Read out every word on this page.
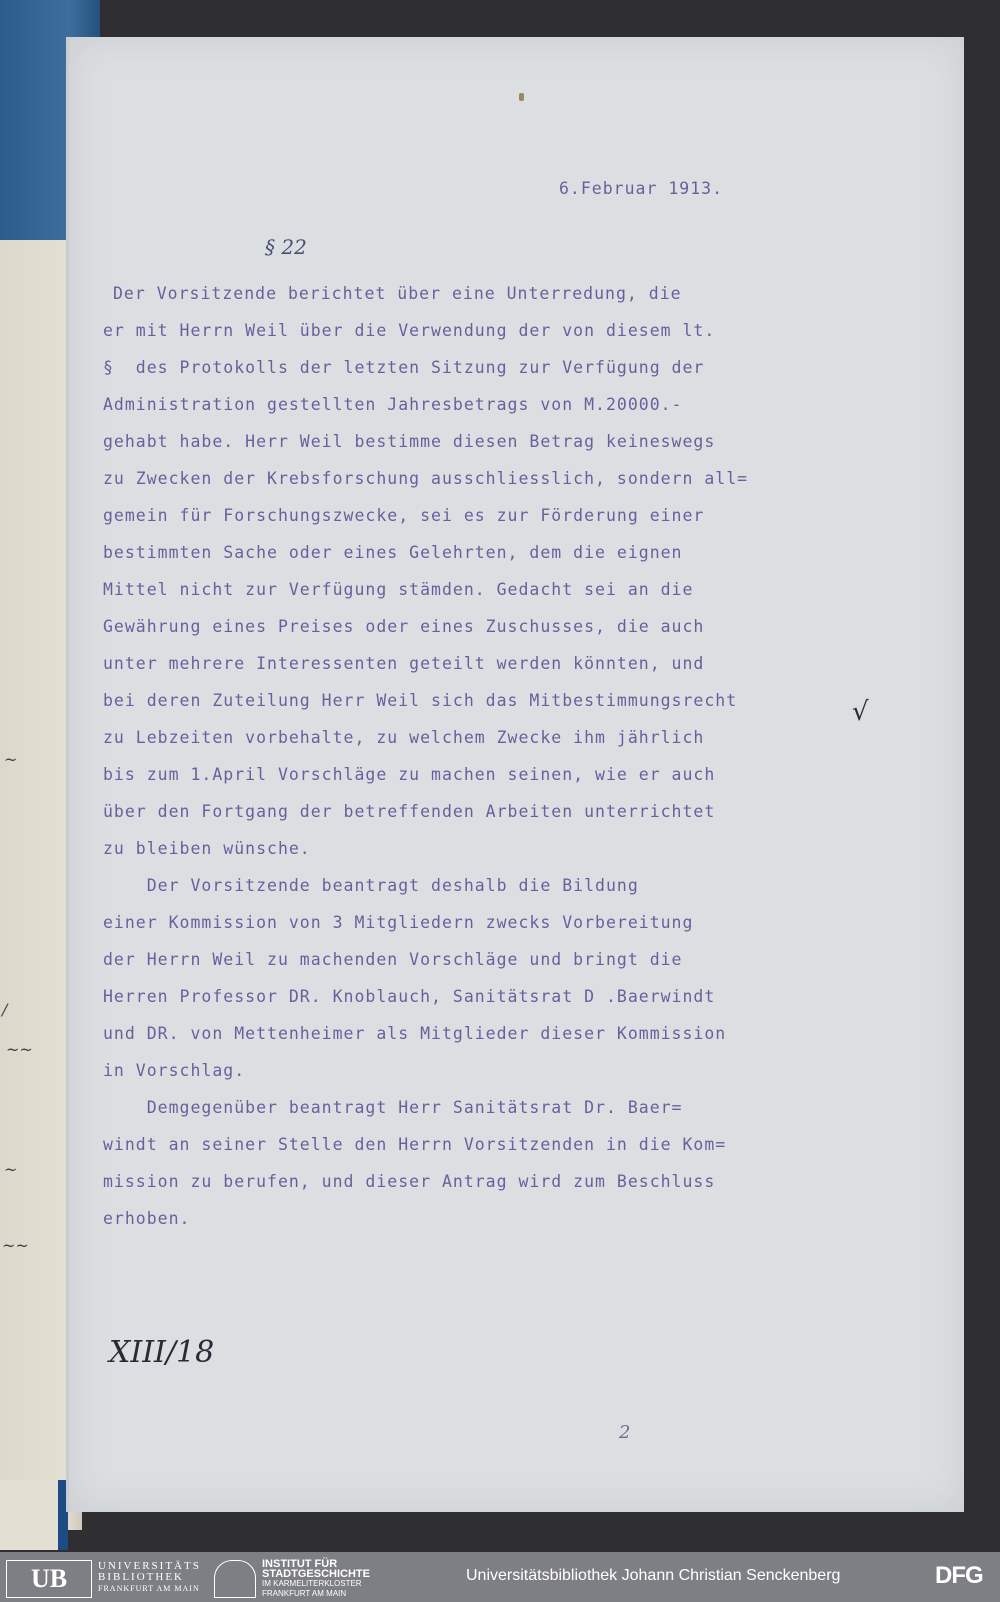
~
/
~~
~
~~
6.Februar 1913.
§ 22

Der Vorsitzende berichtet über eine Unterredung, die

er mit Herrn Weil über die Verwendung der von diesem lt.

§  des Protokolls der letzten Sitzung zur Verfügung der

Administration gestellten Jahresbetrags von M.20000.-

gehabt habe. Herr Weil bestimme diesen Betrag keineswegs

zu Zwecken der Krebsforschung ausschliesslich, sondern all=

gemein für Forschungszwecke, sei es zur Förderung einer

bestimmten Sache oder eines Gelehrten, dem die eignen

Mittel nicht zur Verfügung stämden. Gedacht sei an die

Gewährung eines Preises oder eines Zuschusses, die auch

unter mehrere Interessenten geteilt werden könnten, und

bei deren Zuteilung Herr Weil sich das Mitbestimmungsrecht

zu Lebzeiten vorbehalte, zu welchem Zwecke ihm jährlich

bis zum 1.April Vorschläge zu machen seinen, wie er auch

über den Fortgang der betreffenden Arbeiten unterrichtet

zu bleiben wünsche.

Der Vorsitzende beantragt deshalb die Bildung

einer Kommission von 3 Mitgliedern zwecks Vorbereitung

der Herrn Weil zu machenden Vorschläge und bringt die

Herren Professor DR. Knoblauch, Sanitätsrat D .Baerwindt

und DR. von Mettenheimer als Mitglieder dieser Kommission

in Vorschlag.

Demgegenüber beantragt Herr Sanitätsrat Dr. Baer=

windt an seiner Stelle den Herrn Vorsitzenden in die Kom=

mission zu berufen, und dieser Antrag wird zum Beschluss

erhoben.

√
XIII/18
2
UB	UNIVERSITÄTS
BIBLIOTHEK
FRANKFURT AM MAIN
INSTITUT FÜR
STADTGESCHICHTE
IM KARMELITERKLOSTER
FRANKFURT AM MAIN
Universitätsbibliothek Johann Christian Senckenberg	DFG
